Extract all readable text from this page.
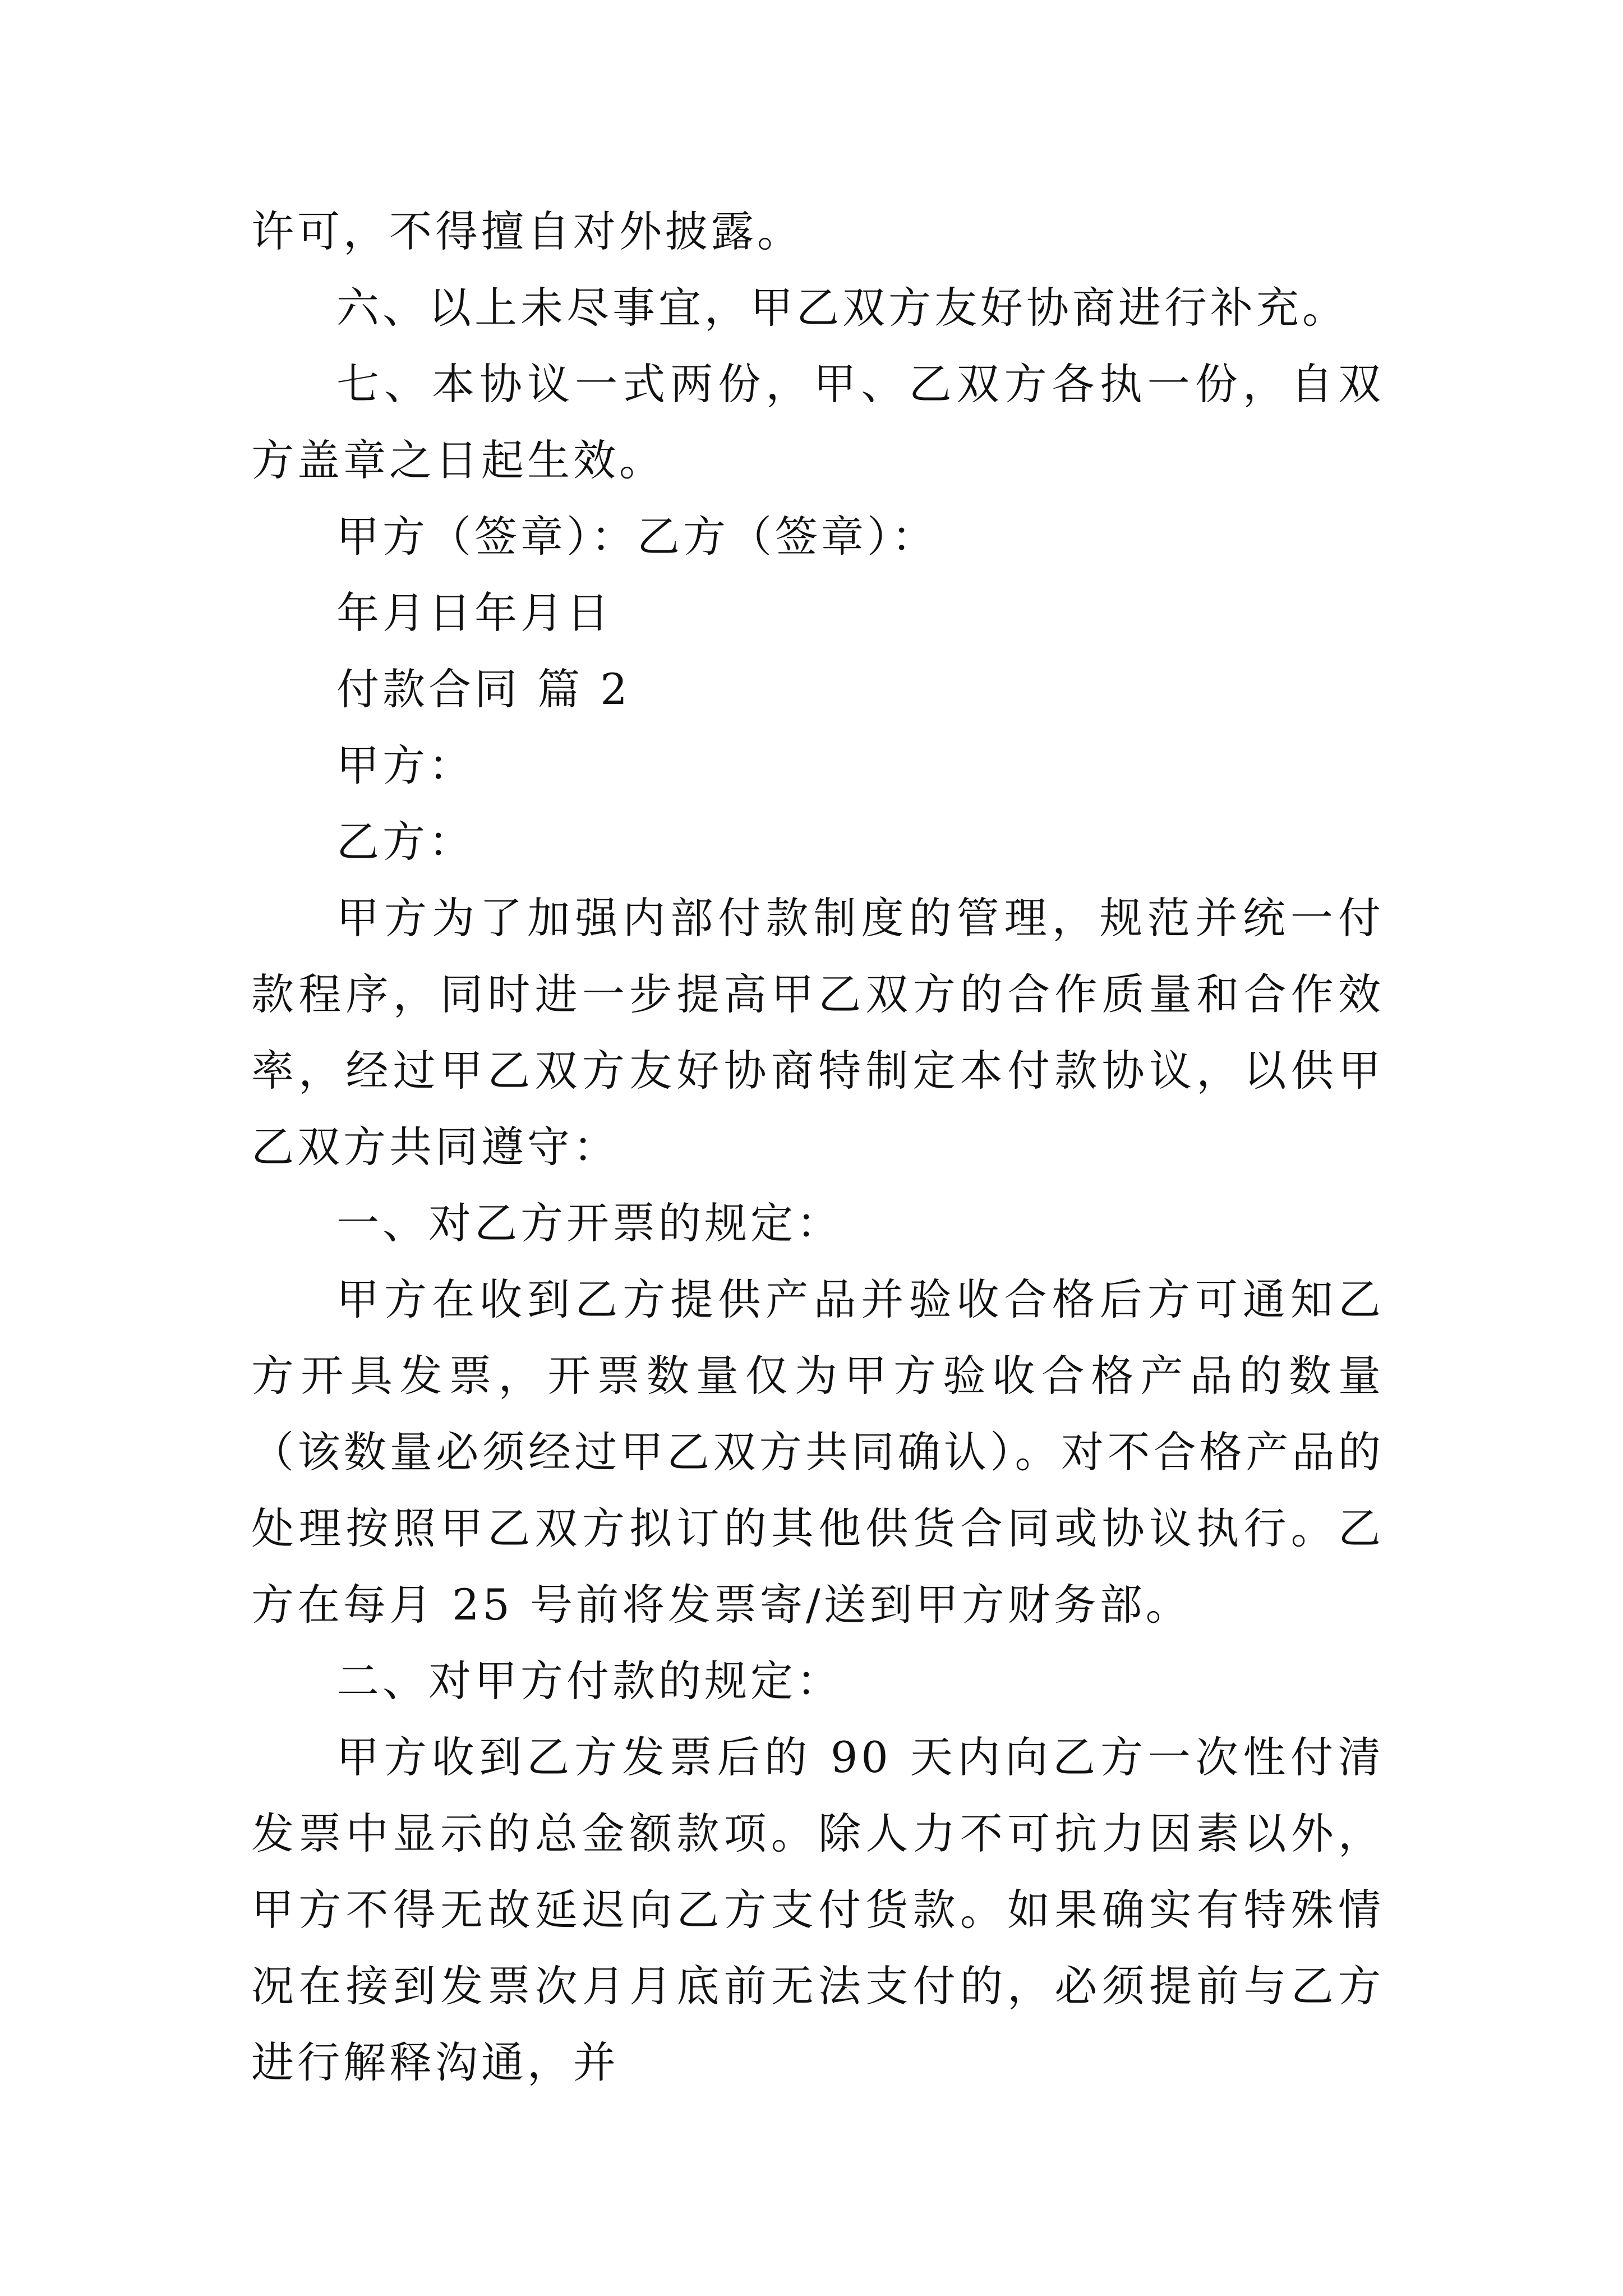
许可，不得擅自对外披露。

六、以上未尽事宜，甲乙双方友好协商进行补充。

七、本协议一式两份，甲、乙双方各执一份，自双方盖章之日起生效。

甲方（签章）：乙方（签章）：

年月日年月日

付款合同 篇 2

甲方：

乙方：

甲方为了加强内部付款制度的管理，规范并统一付款程序，同时进一步提高甲乙双方的合作质量和合作效率，经过甲乙双方友好协商特制定本付款协议，以供甲乙双方共同遵守：

一、对乙方开票的规定：

甲方在收到乙方提供产品并验收合格后方可通知乙方开具发票，开票数量仅为甲方验收合格产品的数量（该数量必须经过甲乙双方共同确认）。对不合格产品的处理按照甲乙双方拟订的其他供货合同或协议执行。乙方在每月 25 号前将发票寄/送到甲方财务部。

二、对甲方付款的规定：

甲方收到乙方发票后的 90 天内向乙方一次性付清发票中显示的总金额款项。除人力不可抗力因素以外，甲方不得无故延迟向乙方支付货款。如果确实有特殊情况在接到发票次月月底前无法支付的，必须提前与乙方进行解释沟通，并
